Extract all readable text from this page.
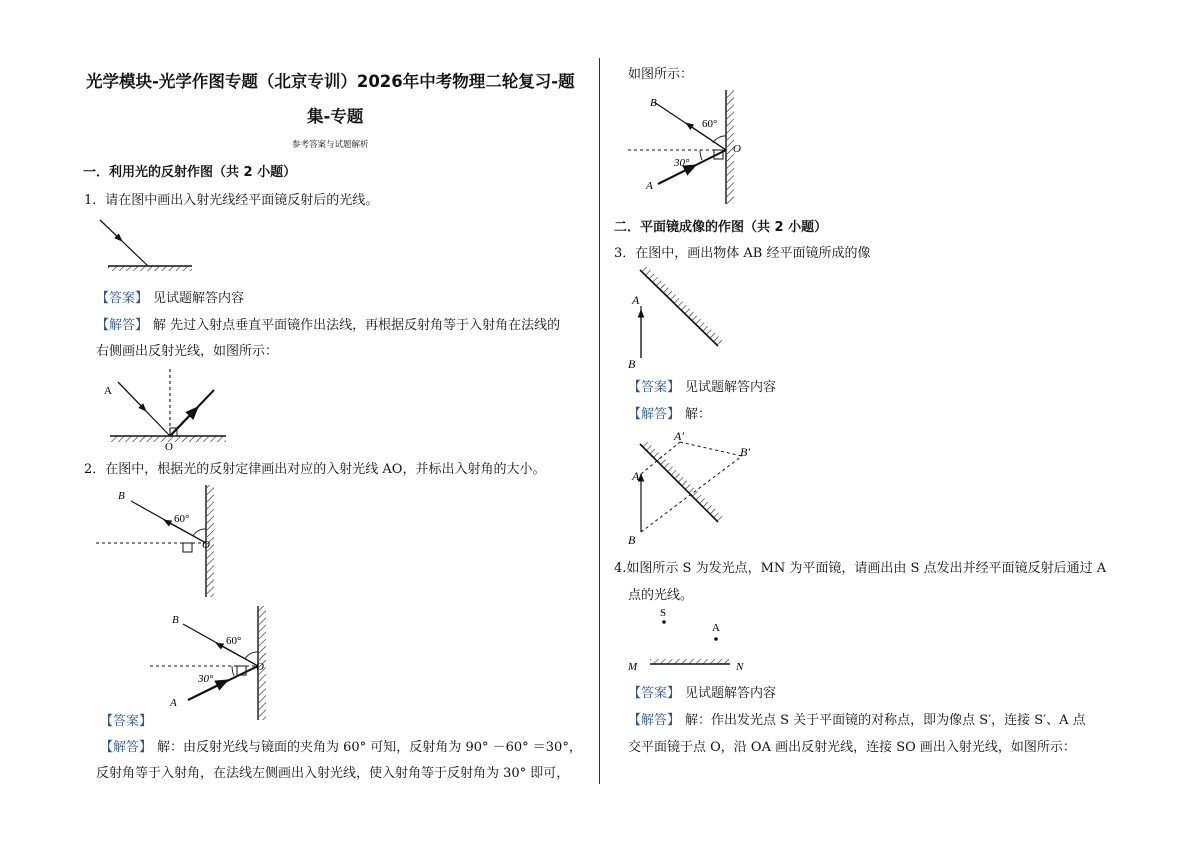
光学模块-光学作图专题（北京专训）2026年中考物理二轮复习-题
集-专题
参考答案与试题解析
一．利用光的反射作图（共 2 小题）
1．请在图中画出入射光线经平面镜反射后的光线。
【答案】 见试题解答内容
【解答】 解 先过入射点垂直平面镜作出法线，再根据反射角等于入射角在法线的
右侧画出反射光线，如图所示：
A
O
2．在图中，根据光的反射定律画出对应的入射光线 AO，并标出入射角的大小。
B
60°
O
B
60°
30°
O
A
【答案】
【解答】 解：由反射光线与镜面的夹角为 60° 可知，反射角为 90° －60° ＝30°，
反射角等于入射角，在法线左侧画出入射光线，使入射角等于反射角为 30° 即可，
如图所示：
B
60°
30°
O
A
二．平面镜成像的作图（共 2 小题）
3．在图中，画出物体 AB 经平面镜所成的像
A
B
【答案】 见试题解答内容
【解答】 解：
A′
B′
A
B
4.如图所示 S 为发光点，MN 为平面镜，请画出由 S 点发出并经平面镜反射后通过 A
点的光线。
S
A
M	N
【答案】 见试题解答内容
【解答】 解：作出发光点 S 关于平面镜的对称点，即为像点 S′，连接 S′、A 点
交平面镜于点 O，沿 OA 画出反射光线，连接 SO 画出入射光线，如图所示：
